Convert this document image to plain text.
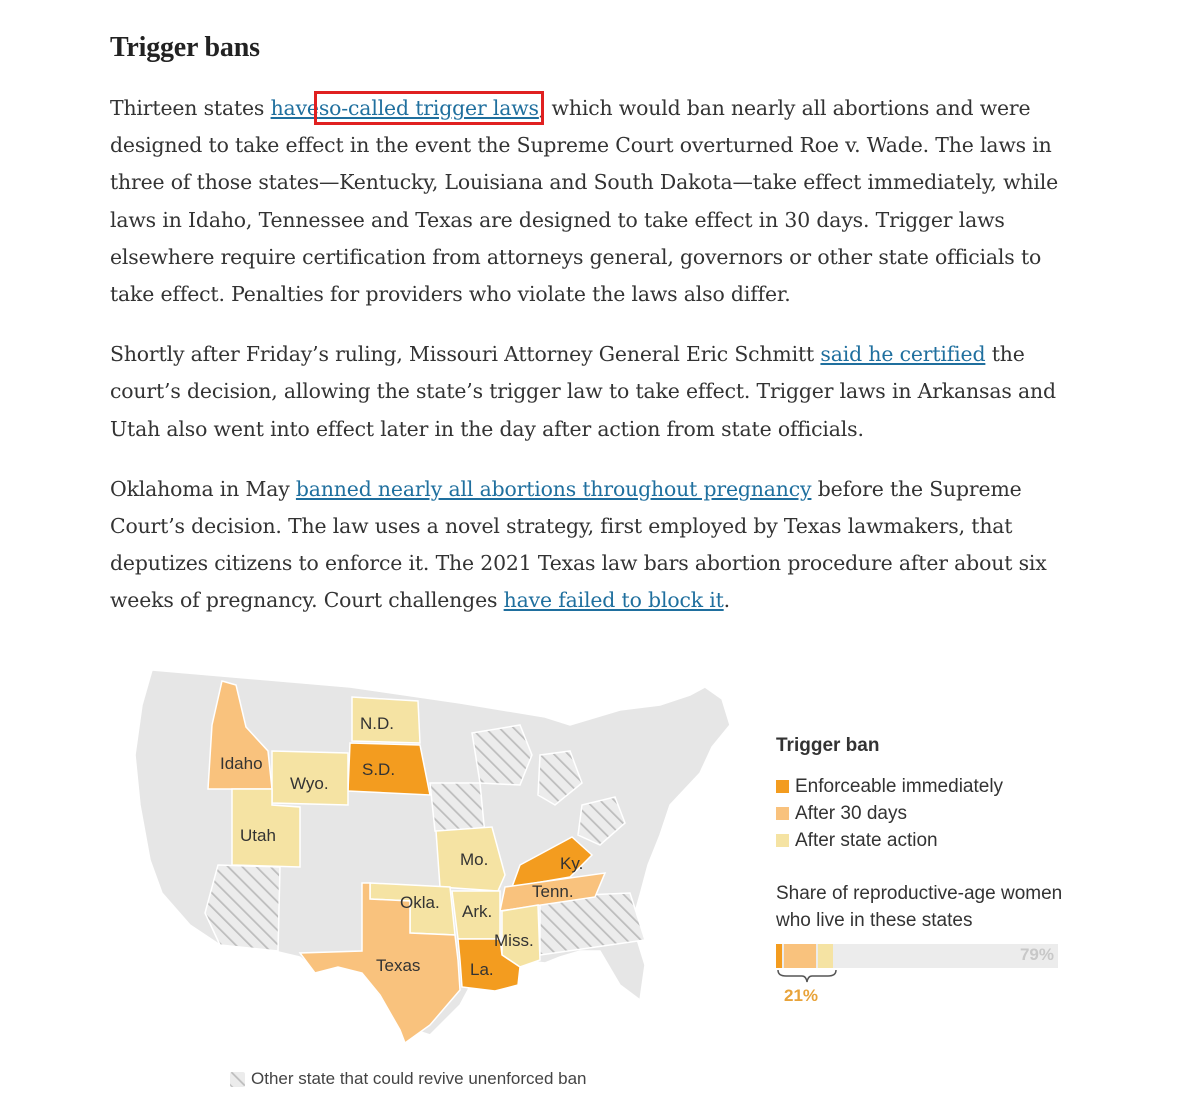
Trigger bans

Thirteen states haveso-called trigger laws, which would ban nearly all abortions and were designed to take effect in the event the Supreme Court overturned Roe v. Wade. The laws in three of those states—Kentucky, Louisiana and South Dakota—take effect immediately, while laws in Idaho, Tennessee and Texas are designed to take effect in 30 days. Trigger laws elsewhere require certification from attorneys general, governors or other state officials to take effect. Penalties for providers who violate the laws also differ.

Shortly after Friday’s ruling, Missouri Attorney General Eric Schmitt said he certified the court’s decision, allowing the state’s trigger law to take effect. Trigger laws in Arkansas and Utah also went into effect later in the day after action from state officials.

Oklahoma in May banned nearly all abortions throughout pregnancy before the Supreme Court’s decision. The law uses a novel strategy, first employed by Texas lawmakers, that deputizes citizens to enforce it. The 2021 Texas law bars abortion procedure after about six weeks of pregnancy. Court challenges have failed to block it.

N.D.
S.D.
Idaho
Wyo.
Utah
Mo.	Ky.
Tenn.
Okla. Ark.
Miss.
Texas	La.
Trigger ban
Enforceable immediately
After 30 days
After state action
Share of reproductive-age women who live in these states
79%
21%
Other state that could revive unenforced ban
